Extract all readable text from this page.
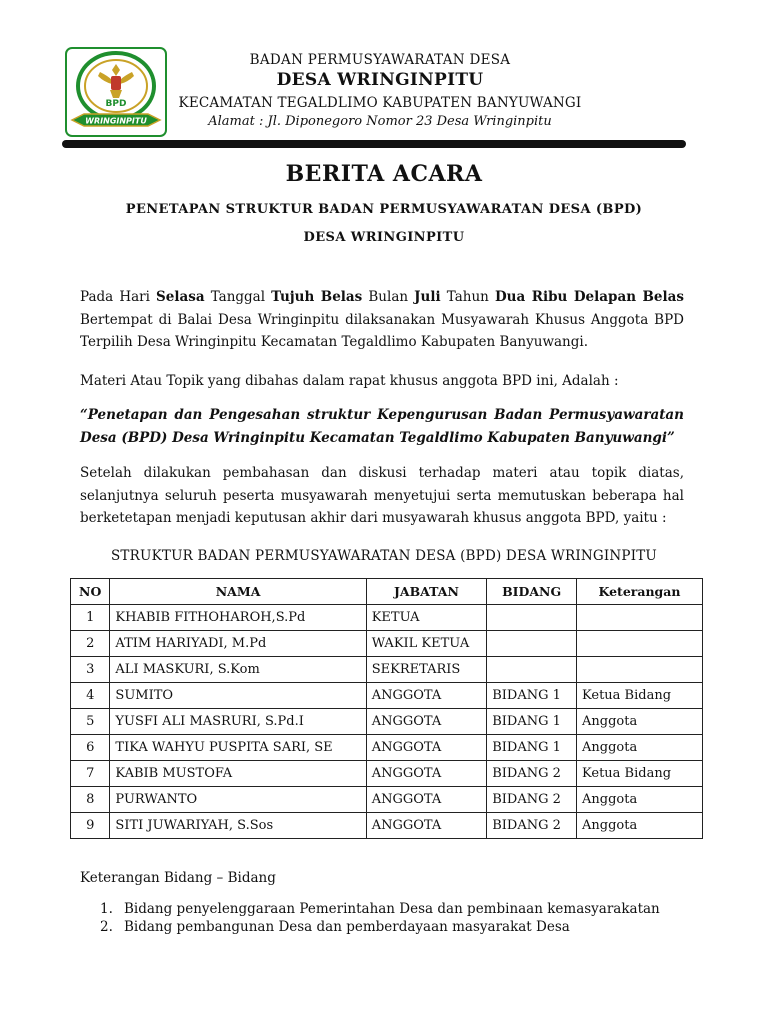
BPD
WRINGINPITU
BADAN PERMUSYAWARATAN DESA
DESA WRINGINPITU
KECAMATAN TEGALDLIMO KABUPATEN BANYUWANGI
Alamat : Jl. Diponegoro Nomor 23 Desa Wringinpitu
BERITA ACARA
PENETAPAN STRUKTUR BADAN PERMUSYAWARATAN DESA (BPD)
DESA WRINGINPITU
Pada Hari Selasa Tanggal Tujuh Belas Bulan Juli Tahun Dua Ribu Delapan Belas Bertempat di Balai Desa Wringinpitu dilaksanakan Musyawarah Khusus Anggota BPD Terpilih Desa Wringinpitu Kecamatan Tegaldlimo Kabupaten Banyuwangi.
Materi Atau Topik yang dibahas dalam rapat khusus anggota BPD ini, Adalah :
“Penetapan dan Pengesahan struktur Kepengurusan Badan Permusyawaratan Desa (BPD) Desa Wringinpitu Kecamatan Tegaldlimo Kabupaten Banyuwangi”
Setelah dilakukan pembahasan dan diskusi terhadap materi atau topik diatas, selanjutnya seluruh peserta musyawarah menyetujui serta memutuskan beberapa hal berketetapan menjadi keputusan akhir dari musyawarah khusus anggota BPD, yaitu :
STRUKTUR BADAN PERMUSYAWARATAN DESA (BPD) DESA WRINGINPITU
NO	NAMA	JABATAN	BIDANG	Keterangan
1	KHABIB FITHOHAROH,S.Pd	KETUA		
2	ATIM HARIYADI, M.Pd	WAKIL KETUA		
3	ALI MASKURI, S.Kom	SEKRETARIS		
4	SUMITO	ANGGOTA	BIDANG 1	Ketua Bidang
5	YUSFI ALI MASRURI, S.Pd.I	ANGGOTA	BIDANG 1	Anggota
6	TIKA WAHYU PUSPITA SARI, SE	ANGGOTA	BIDANG 1	Anggota
7	KABIB MUSTOFA	ANGGOTA	BIDANG 2	Ketua Bidang
8	PURWANTO	ANGGOTA	BIDANG 2	Anggota
9	SITI JUWARIYAH, S.Sos	ANGGOTA	BIDANG 2	Anggota
Keterangan Bidang – Bidang
1. Bidang penyelenggaraan Pemerintahan Desa dan pembinaan kemasyarakatan
2. Bidang pembangunan Desa dan pemberdayaan masyarakat Desa
